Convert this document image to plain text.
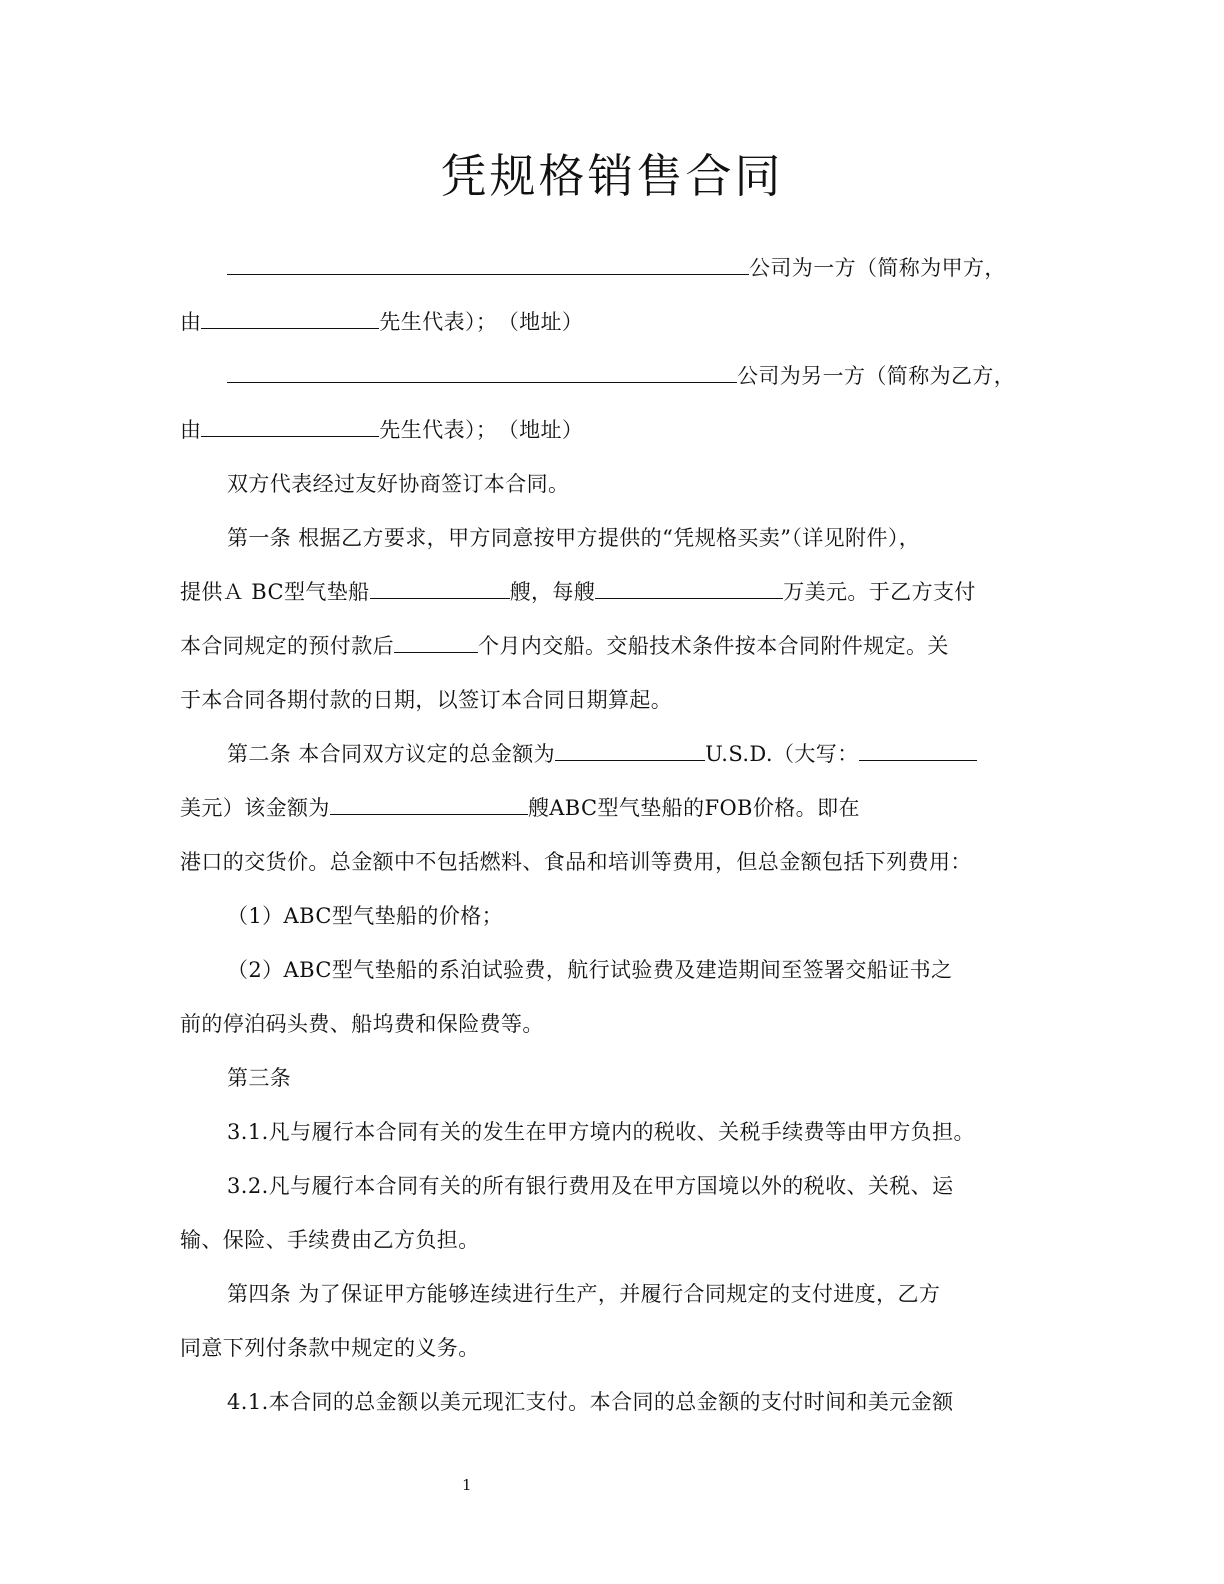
凭规格销售合同
公司为一方（简称为甲方，
由	先生代表）；　（地址）
公司为另一方（简称为乙方，
由	先生代表）；　（地址）
双方代表经过友好协商签订本合同。
第一条 根据乙方要求，甲方同意按甲方提供的“凭规格买卖”（详见附件），
提供Ａ BC型气垫船	艘，每艘	万美元。于乙方支付
本合同规定的预付款后	个月内交船。交船技术条件按本合同附件规定。关
于本合同各期付款的日期，以签订本合同日期算起。
第二条 本合同双方议定的总金额为	U.S.D.（大写：
美元）该金额为	艘ABC型气垫船的FOB价格。即在
港口的交货价。总金额中不包括燃料、食品和培训等费用，但总金额包括下列费用：
（1）ABC型气垫船的价格；
（2）ABC型气垫船的系泊试验费，航行试验费及建造期间至签署交船证书之
前的停泊码头费、船坞费和保险费等。
第三条
3.1.凡与履行本合同有关的发生在甲方境内的税收、关税手续费等由甲方负担。
3.2.凡与履行本合同有关的所有银行费用及在甲方国境以外的税收、关税、运
输、保险、手续费由乙方负担。
第四条 为了保证甲方能够连续进行生产，并履行合同规定的支付进度，乙方
同意下列付条款中规定的义务。
4.1.本合同的总金额以美元现汇支付。本合同的总金额的支付时间和美元金额
1
